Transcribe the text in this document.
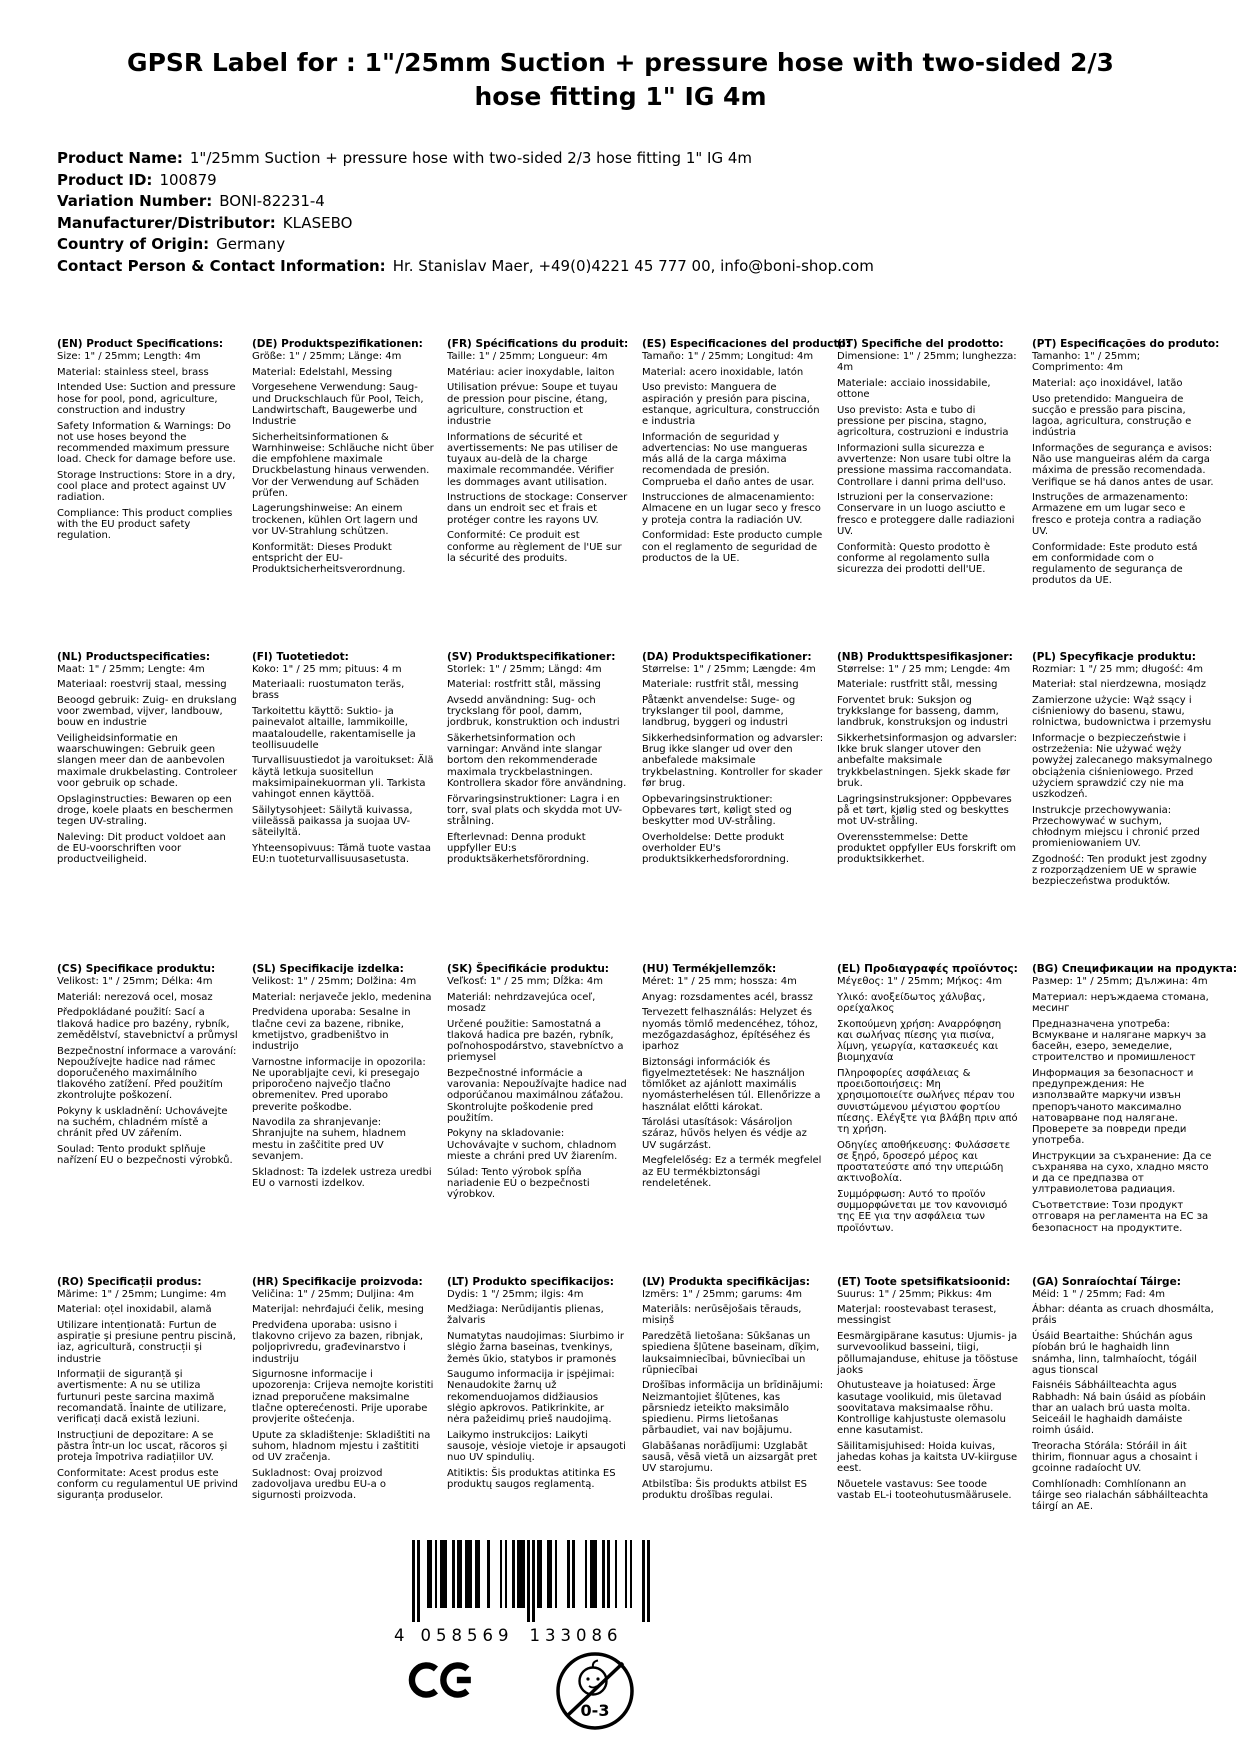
GPSR Label for : 1"/25mm Suction + pressure hose with two-sided 2/3 hose fitting 1" IG 4m
Product Name: 1"/25mm Suction + pressure hose with two-sided 2/3 hose fitting 1" IG 4m
Product ID: 100879
Variation Number: BONI-82231-4
Manufacturer/Distributor: KLASEBO
Country of Origin: Germany
Contact Person & Contact Information: Hr. Stanislav Maer, +49(0)4221 45 777 00, info@boni-shop.com
(EN) Product Specifications:

Size: 1" / 25mm; Length: 4m

Material: stainless steel, brass

Intended Use: Suction and pressure hose for pool, pond, agriculture, construction and industry

Safety Information & Warnings: Do not use hoses beyond the recommended maximum pressure load. Check for damage before use.

Storage Instructions: Store in a dry, cool place and protect against UV radiation.

Compliance: This product complies with the EU product safety regulation.

(DE) Produktspezifikationen:

Größe: 1" / 25mm; Länge: 4m

Material: Edelstahl, Messing

Vorgesehene Verwendung: Saug- und Druckschlauch für Pool, Teich, Landwirtschaft, Baugewerbe und Industrie

Sicherheitsinformationen & Warnhinweise: Schläuche nicht über die empfohlene maximale Druckbelastung hinaus verwenden. Vor der Verwendung auf Schäden prüfen.

Lagerungshinweise: An einem trockenen, kühlen Ort lagern und vor UV-Strahlung schützen.

Konformität: Dieses Produkt entspricht der EU-Produktsicherheitsverordnung.

(FR) Spécifications du produit:

Taille: 1" / 25mm; Longueur: 4m

Matériau: acier inoxydable, laiton

Utilisation prévue: Soupe et tuyau de pression pour piscine, étang, agriculture, construction et industrie

Informations de sécurité et avertissements: Ne pas utiliser de tuyaux au-delà de la charge maximale recommandée. Vérifier les dommages avant utilisation.

Instructions de stockage: Conserver dans un endroit sec et frais et protéger contre les rayons UV.

Conformité: Ce produit est conforme au règlement de l'UE sur la sécurité des produits.

(ES) Especificaciones del producto:

Tamaño: 1" / 25mm; Longitud: 4m

Material: acero inoxidable, latón

Uso previsto: Manguera de aspiración y presión para piscina, estanque, agricultura, construcción e industria

Información de seguridad y advertencias: No use mangueras más allá de la carga máxima recomendada de presión. Comprueba el daño antes de usar.

Instrucciones de almacenamiento: Almacene en un lugar seco y fresco y proteja contra la radiación UV.

Conformidad: Este producto cumple con el reglamento de seguridad de productos de la UE.

(IT) Specifiche del prodotto:

Dimensione: 1" / 25mm; lunghezza: 4m

Materiale: acciaio inossidabile, ottone

Uso previsto: Asta e tubo di pressione per piscina, stagno, agricoltura, costruzioni e industria

Informazioni sulla sicurezza e avvertenze: Non usare tubi oltre la pressione massima raccomandata. Controllare i danni prima dell'uso.

Istruzioni per la conservazione: Conservare in un luogo asciutto e fresco e proteggere dalle radiazioni UV.

Conformità: Questo prodotto è conforme al regolamento sulla sicurezza dei prodotti dell'UE.

(PT) Especificações do produto:

Tamanho: 1" / 25mm; Comprimento: 4m

Material: aço inoxidável, latão

Uso pretendido: Mangueira de sucção e pressão para piscina, lagoa, agricultura, construção e indústria

Informações de segurança e avisos: Não use mangueiras além da carga máxima de pressão recomendada. Verifique se há danos antes de usar.

Instruções de armazenamento: Armazene em um lugar seco e fresco e proteja contra a radiação UV.

Conformidade: Este produto está em conformidade com o regulamento de segurança de produtos da UE.

(NL) Productspecificaties:

Maat: 1" / 25mm; Lengte: 4m

Materiaal: roestvrij staal, messing

Beoogd gebruik: Zuig- en drukslang voor zwembad, vijver, landbouw, bouw en industrie

Veiligheidsinformatie en waarschuwingen: Gebruik geen slangen meer dan de aanbevolen maximale drukbelasting. Controleer voor gebruik op schade.

Opslaginstructies: Bewaren op een droge, koele plaats en beschermen tegen UV-straling.

Naleving: Dit product voldoet aan de EU-voorschriften voor productveiligheid.

(FI) Tuotetiedot:

Koko: 1" / 25 mm; pituus: 4 m

Materiaali: ruostumaton teräs, brass

Tarkoitettu käyttö: Suktio- ja painevalot altaille, lammikoille, maataloudelle, rakentamiselle ja teollisuudelle

Turvallisuustiedot ja varoitukset: Älä käytä letkuja suositellun maksimipainekuorman yli. Tarkista vahingot ennen käyttöä.

Säilytysohjeet: Säilytä kuivassa, viileässä paikassa ja suojaa UV-säteilyltä.

Yhteensopivuus: Tämä tuote vastaa EU:n tuoteturvallisuusasetusta.

(SV) Produktspecifikationer:

Storlek: 1" / 25mm; Längd: 4m

Material: rostfritt stål, mässing

Avsedd användning: Sug- och tryckslang för pool, damm, jordbruk, konstruktion och industri

Säkerhetsinformation och varningar: Använd inte slangar bortom den rekommenderade maximala tryckbelastningen. Kontrollera skador före användning.

Förvaringsinstruktioner: Lagra i en torr, sval plats och skydda mot UV-strålning.

Efterlevnad: Denna produkt uppfyller EU:s produktsäkerhetsförordning.

(DA) Produktspecifikationer:

Størrelse: 1" / 25mm; Længde: 4m

Materiale: rustfrit stål, messing

Påtænkt anvendelse: Suge- og trykslanger til pool, damme, landbrug, byggeri og industri

Sikkerhedsinformation og advarsler: Brug ikke slanger ud over den anbefalede maksimale trykbelastning. Kontroller for skader før brug.

Opbevaringsinstruktioner: Opbevares tørt, køligt sted og beskytter mod UV-stråling.

Overholdelse: Dette produkt overholder EU's produktsikkerhedsforordning.

(NB) Produkttspesifikasjoner:

Størrelse: 1" / 25 mm; Lengde: 4m

Materiale: rustfritt stål, messing

Forventet bruk: Suksjon og trykkslange for basseng, damm, landbruk, konstruksjon og industri

Sikkerhetsinformasjon og advarsler: Ikke bruk slanger utover den anbefalte maksimale trykkbelastningen. Sjekk skade før bruk.

Lagringsinstruksjoner: Oppbevares på et tørt, kjølig sted og beskyttes mot UV-stråling.

Overensstemmelse: Dette produktet oppfyller EUs forskrift om produktsikkerhet.

(PL) Specyfikacje produktu:

Rozmiar: 1 "/ 25 mm; długość: 4m

Materiał: stal nierdzewna, mosiądz

Zamierzone użycie: Wąż ssący i ciśnieniowy do basenu, stawu, rolnictwa, budownictwa i przemysłu

Informacje o bezpieczeństwie i ostrzeżenia: Nie używać węży powyżej zalecanego maksymalnego obciążenia ciśnieniowego. Przed użyciem sprawdzić czy nie ma uszkodzeń.

Instrukcje przechowywania: Przechowywać w suchym, chłodnym miejscu i chronić przed promieniowaniem UV.

Zgodność: Ten produkt jest zgodny z rozporządzeniem UE w sprawie bezpieczeństwa produktów.

(CS) Specifikace produktu:

Velikost: 1" / 25mm; Délka: 4m

Materiál: nerezová ocel, mosaz

Předpokládané použití: Sací a tlaková hadice pro bazény, rybník, zemědělství, stavebnictví a průmysl

Bezpečnostní informace a varování: Nepoužívejte hadice nad rámec doporučeného maximálního tlakového zatížení. Před použitím zkontrolujte poškození.

Pokyny k uskladnění: Uchovávejte na suchém, chladném místě a chránit před UV zářením.

Soulad: Tento produkt splňuje nařízení EU o bezpečnosti výrobků.

(SL) Specifikacije izdelka:

Velikost: 1" / 25mm; Dolžina: 4m

Material: nerjaveče jeklo, medenina

Predvidena uporaba: Sesalne in tlačne cevi za bazene, ribnike, kmetijstvo, gradbeništvo in industrijo

Varnostne informacije in opozorila: Ne uporabljajte cevi, ki presegajo priporočeno največjo tlačno obremenitev. Pred uporabo preverite poškodbe.

Navodila za shranjevanje: Shranjujte na suhem, hladnem mestu in zaščitite pred UV sevanjem.

Skladnost: Ta izdelek ustreza uredbi EU o varnosti izdelkov.

(SK) Špecifikácie produktu:

Veľkosť: 1" / 25 mm; Dĺžka: 4m

Materiál: nehrdzavejúca oceľ, mosadz

Určené použitie: Samostatná a tlaková hadica pre bazén, rybník, poľnohospodárstvo, stavebníctvo a priemysel

Bezpečnostné informácie a varovania: Nepoužívajte hadice nad odporúčanou maximálnou záťažou. Skontrolujte poškodenie pred použitím.

Pokyny na skladovanie: Uchovávajte v suchom, chladnom mieste a chráni pred UV žiarením.

Súlad: Tento výrobok spĺňa nariadenie EÚ o bezpečnosti výrobkov.

(HU) Termékjellemzők:

Méret: 1" / 25 mm; hossza: 4m

Anyag: rozsdamentes acél, brassz

Tervezett felhasználás: Helyzet és nyomás tömlő medencéhez, tóhoz, mezőgazdasághoz, építéséhez és iparhoz

Biztonsági információk és figyelmeztetések: Ne használjon tömlőket az ajánlott maximális nyomásterhelésen túl. Ellenőrizze a használat előtti károkat.

Tárolási utasítások: Vásároljon száraz, hűvös helyen és védje az UV sugárzást.

Megfelelőség: Ez a termék megfelel az EU termékbiztonsági rendeletének.

(EL) Προδιαγραφές προϊόντος:

Μέγεθος: 1" / 25mm; Μήκος: 4m

Υλικό: ανοξείδωτος χάλυβας, ορείχαλκος

Σκοπούμενη χρήση: Αναρρόφηση και σωλήνας πίεσης για πισίνα, λίμνη, γεωργία, κατασκευές και βιομηχανία

Πληροφορίες ασφάλειας & προειδοποιήσεις: Μη χρησιμοποιείτε σωλήνες πέραν του συνιστώμενου μέγιστου φορτίου πίεσης. Ελέγξτε για βλάβη πριν από τη χρήση.

Οδηγίες αποθήκευσης: Φυλάσσετε σε ξηρό, δροσερό μέρος και προστατεύστε από την υπεριώδη ακτινοβολία.

Συμμόρφωση: Αυτό το προϊόν συμμορφώνεται με τον κανονισμό της ΕΕ για την ασφάλεια των προϊόντων.

(BG) Спецификации на продукта:

Размер: 1" / 25mm; Дължина: 4m

Материал: неръждаема стомана, месинг

Предназначена употреба: Всмукване и налягане маркуч за басейн, езеро, земеделие, строителство и промишленост

Информация за безопасност и предупреждения: Не използвайте маркучи извън препоръчаното максимално натоварване под налягане. Проверете за повреди преди употреба.

Инструкции за съхранение: Да се съхранява на сухо, хладно място и да се предпазва от ултравиолетова радиация.

Съответствие: Този продукт отговаря на регламента на ЕС за безопасност на продуктите.

(RO) Specificații produs:

Mărime: 1" / 25mm; Lungime: 4m

Material: oțel inoxidabil, alamă

Utilizare intenționată: Furtun de aspirație și presiune pentru piscină, iaz, agricultură, construcții și industrie

Informații de siguranță și avertismente: A nu se utiliza furtunuri peste sarcina maximă recomandată. Înainte de utilizare, verificați dacă există leziuni.

Instrucțiuni de depozitare: A se păstra într-un loc uscat, răcoros și proteja împotriva radiațiilor UV.

Conformitate: Acest produs este conform cu regulamentul UE privind siguranța produselor.

(HR) Specifikacije proizvoda:

Veličina: 1" / 25mm; Duljina: 4m

Materijal: nehrđajući čelik, mesing

Predviđena uporaba: usisno i tlakovno crijevo za bazen, ribnjak, poljoprivredu, građevinarstvo i industriju

Sigurnosne informacije i upozorenja: Crijeva nemojte koristiti iznad preporučene maksimalne tlačne opterećenosti. Prije uporabe provjerite oštećenja.

Upute za skladištenje: Skladištiti na suhom, hladnom mjestu i zaštititi od UV zračenja.

Sukladnost: Ovaj proizvod zadovoljava uredbu EU-a o sigurnosti proizvoda.

(LT) Produkto specifikacijos:

Dydis: 1 "/ 25mm; ilgis: 4m

Medžiaga: Nerūdijantis plienas, žalvaris

Numatytas naudojimas: Siurbimo ir slėgio žarna baseinas, tvenkinys, žemės ūkio, statybos ir pramonės

Saugumo informacija ir įspėjimai: Nenaudokite žarnų už rekomenduojamos didžiausios slėgio apkrovos. Patikrinkite, ar nėra pažeidimų prieš naudojimą.

Laikymo instrukcijos: Laikyti sausoje, vėsioje vietoje ir apsaugoti nuo UV spindulių.

Atitiktis: Šis produktas atitinka ES produktų saugos reglamentą.

(LV) Produkta specifikācijas:

Izmērs: 1" / 25mm; garums: 4m

Materiāls: nerūsējošais tērauds, misiņš

Paredzētā lietošana: Sūkšanas un spiediena šļūtene baseinam, dīķim, lauksaimniecībai, būvniecībai un rūpniecībai

Drošības informācija un brīdinājumi: Neizmantojiet šļūtenes, kas pārsniedz ieteikto maksimālo spiedienu. Pirms lietošanas pārbaudiet, vai nav bojājumu.

Glabāšanas norādījumi: Uzglabāt sausā, vēsā vietā un aizsargāt pret UV starojumu.

Atbilstība: Šis produkts atbilst ES produktu drošības regulai.

(ET) Toote spetsifikatsioonid:

Suurus: 1" / 25mm; Pikkus: 4m

Materjal: roostevabast terasest, messingist

Eesmärgipärane kasutus: Ujumis- ja survevoolikud basseini, tiigi, põllumajanduse, ehituse ja tööstuse jaoks

Ohutusteave ja hoiatused: Ärge kasutage voolikuid, mis ületavad soovitatava maksimaalse rõhu. Kontrollige kahjustuste olemasolu enne kasutamist.

Säilitamisjuhised: Hoida kuivas, jahedas kohas ja kaitsta UV-kiirguse eest.

Nõuetele vastavus: See toode vastab EL-i tooteohutusmäärusele.

(GA) Sonraíochtaí Táirge:

Méid: 1 " / 25mm; Fad: 4m

Ábhar: déanta as cruach dhosmálta, práis

Úsáid Beartaithe: Shúchán agus píobán brú le haghaidh linn snámha, linn, talmhaíocht, tógáil agus tionscal

Faisnéis Sábháilteachta agus Rabhadh: Ná bain úsáid as píobáin thar an ualach brú uasta molta. Seiceáil le haghaidh damáiste roimh úsáid.

Treoracha Stórála: Stóráil in áit thirim, fionnuar agus a chosaint i gcoinne radaíocht UV.

Comhlíonadh: Comhlíonann an táirge seo rialachán sábháilteachta táirgí an AE.

4 058569 133086
0-3
